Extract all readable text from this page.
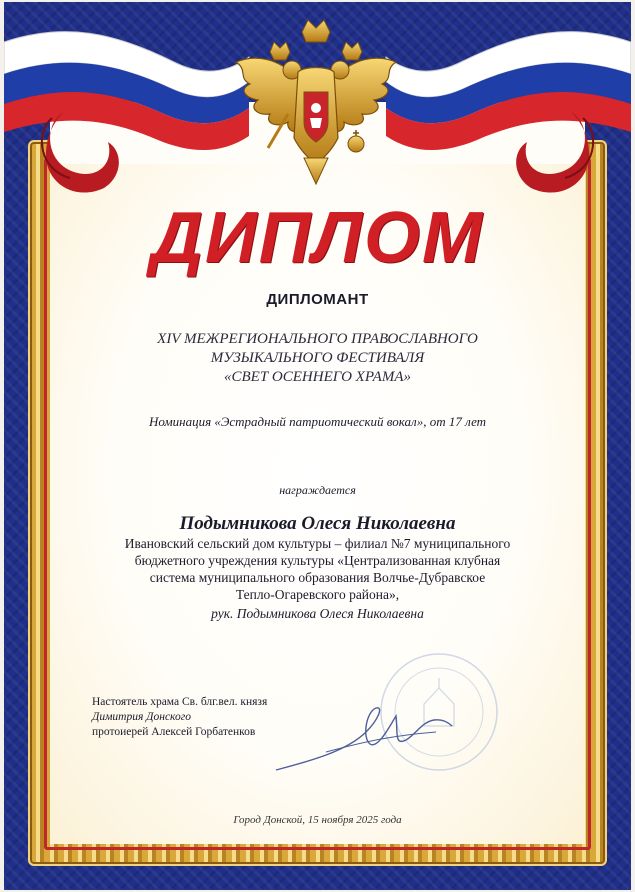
ДИПЛОМ
ДИПЛОМАНТ
XIV МЕЖРЕГИОНАЛЬНОГО ПРАВОСЛАВНОГО
МУЗЫКАЛЬНОГО ФЕСТИВАЛЯ
«СВЕТ ОСЕННЕГО ХРАМА»
Номинация «Эстрадный патриотический вокал», от 17 лет
награждается
Подымникова Олеся Николаевна
Ивановский сельский дом культуры – филиал №7 муниципального
бюджетного учреждения культуры «Централизованная клубная
система муниципального образования Волчье-Дубравское
Тепло-Огаревского района»,
рук. Подымникова Олеся Николаевна
Настоятель храма Св. блг.вел. князя
Димитрия Донского
протоиерей Алексей Горбатенков
Город Донской, 15 ноября 2025 года
